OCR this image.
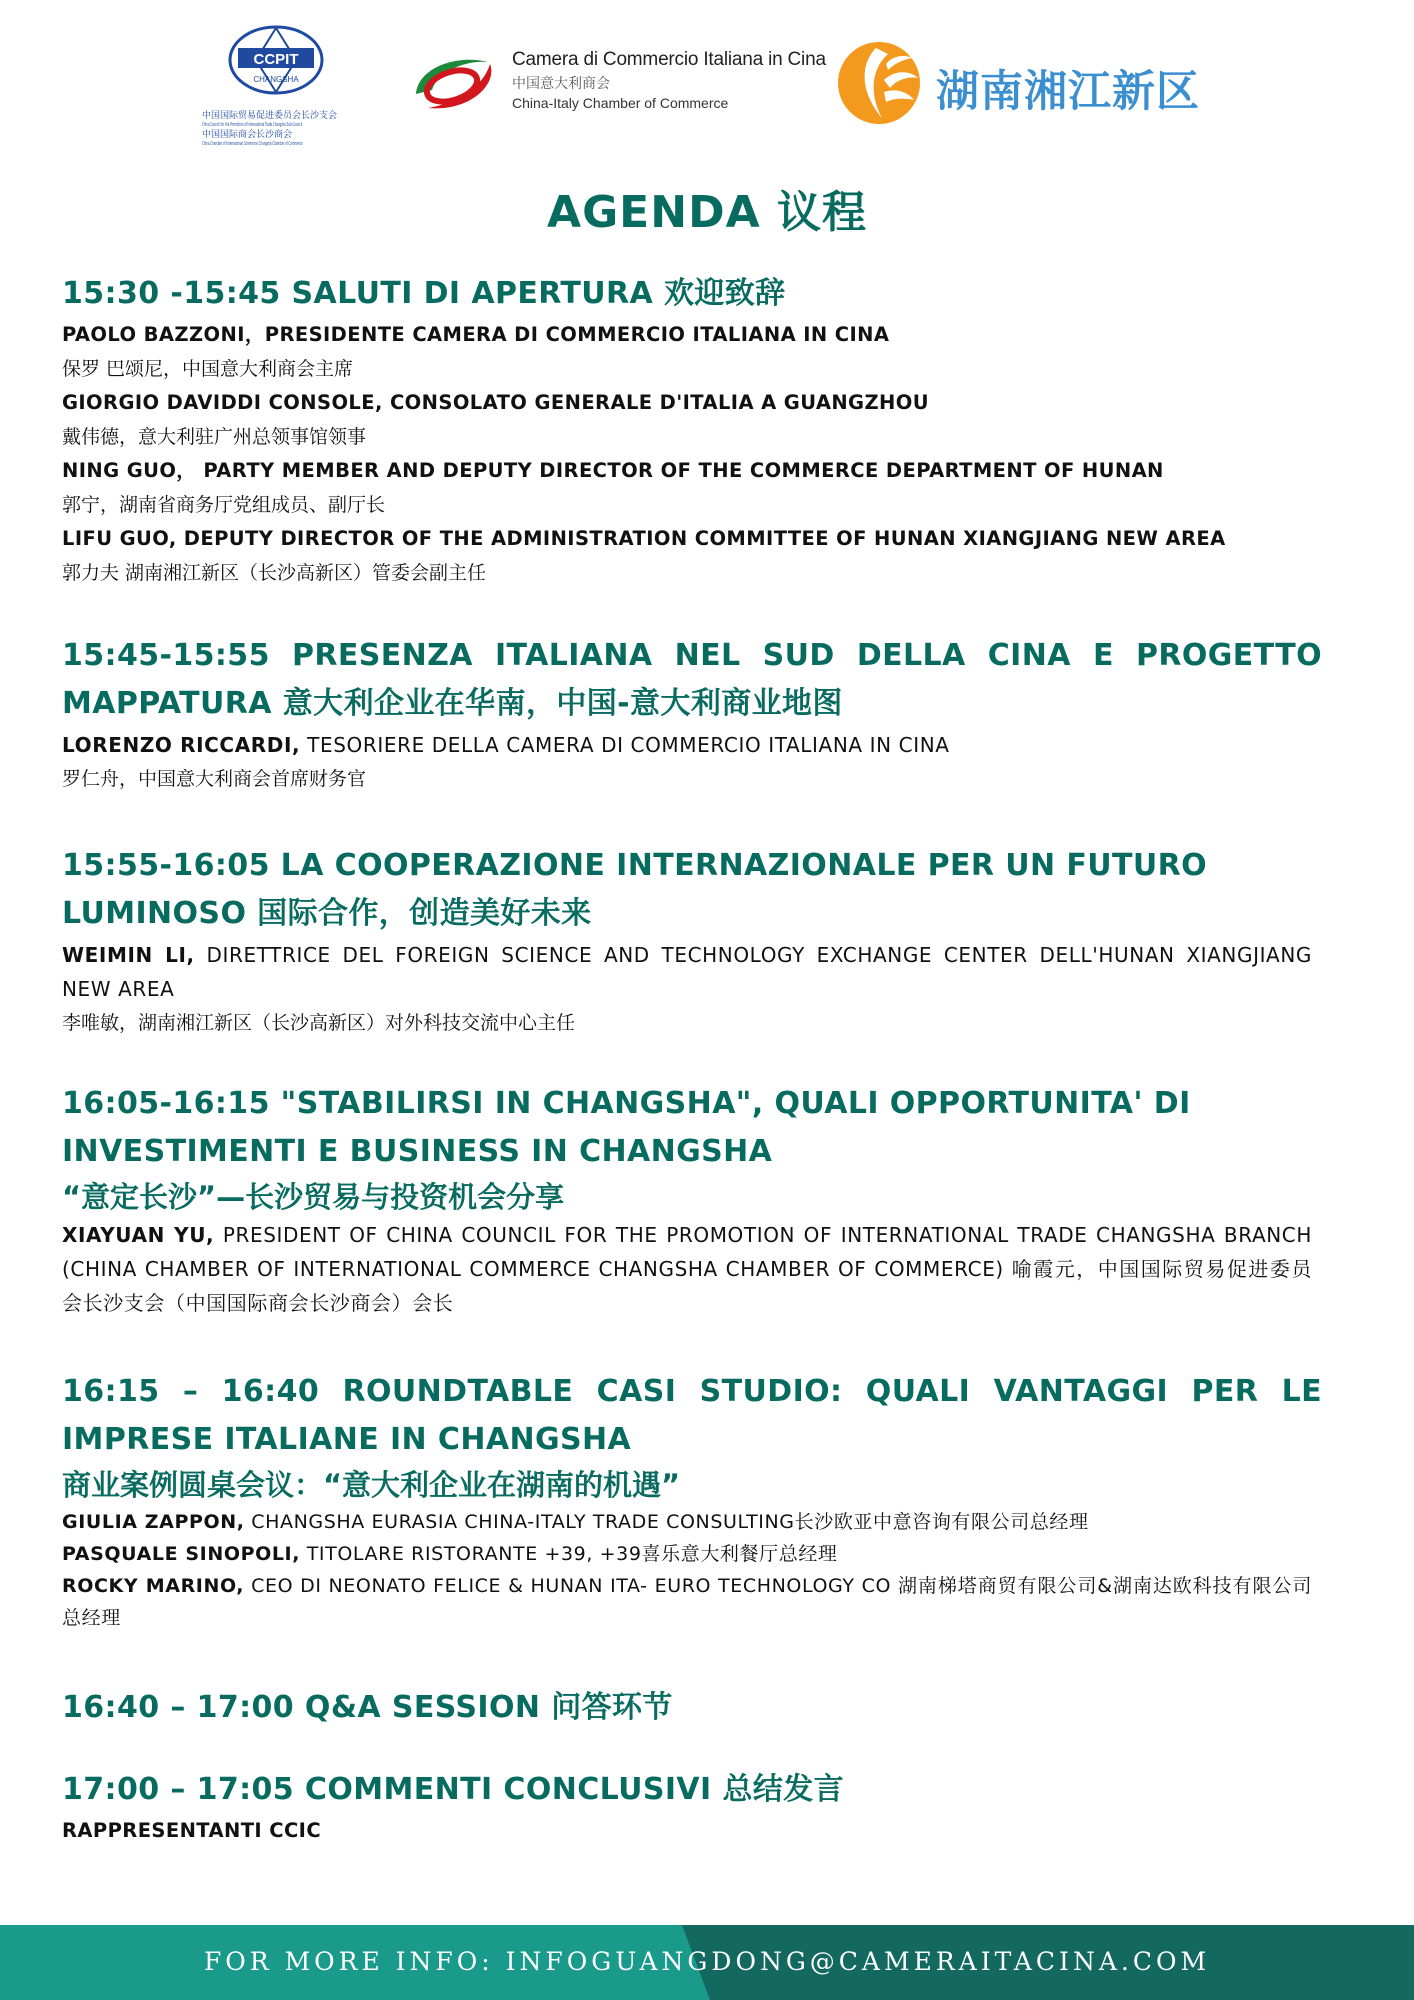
CCPIT
CHANGSHA
中国国际贸易促进委员会长沙支会
China Council for the Promotion of International Trade Changsha Sub-Council
中国国际商会长沙商会
China Chamber of International Commerce Changsha Chamber of Commerce
Camera di Commercio Italiana in Cina
中国意大利商会
China-Italy Chamber of Commerce	湖南湘江新区
AGENDA 议程
15:30 -15:45 SALUTI DI APERTURA 欢迎致辞
PAOLO BAZZONI，PRESIDENTE CAMERA DI COMMERCIO ITALIANA IN CINA
保罗 巴颂尼，中国意大利商会主席
GIORGIO DAVIDDI CONSOLE, CONSOLATO GENERALE D'ITALIA A GUANGZHOU
戴伟德，意大利驻广州总领事馆领事
NING GUO， PARTY MEMBER AND DEPUTY DIRECTOR OF THE COMMERCE DEPARTMENT OF HUNAN
郭宁，湖南省商务厅党组成员、副厅长
LIFU GUO, DEPUTY DIRECTOR OF THE ADMINISTRATION COMMITTEE OF HUNAN XIANGJIANG NEW AREA
郭力夫 湖南湘江新区（长沙高新区）管委会副主任
15:45-15:55 PRESENZA ITALIANA NEL SUD DELLA CINA E PROGETTO MAPPATURA 意大利企业在华南，中国-意大利商业地图
LORENZO RICCARDI, TESORIERE DELLA CAMERA DI COMMERCIO ITALIANA IN CINA
罗仁舟，中国意大利商会首席财务官
15:55-16:05 LA COOPERAZIONE INTERNAZIONALE PER UN FUTURO LUMINOSO 国际合作，创造美好未来
WEIMIN LI, DIRETTRICE DEL FOREIGN SCIENCE AND TECHNOLOGY EXCHANGE CENTER DELL'HUNAN XIANGJIANG NEW AREA
李唯敏，湖南湘江新区（长沙高新区）对外科技交流中心主任
16:05-16:15 "STABILIRSI IN CHANGSHA", QUALI OPPORTUNITA' DI INVESTIMENTI E BUSINESS IN CHANGSHA
“意定长沙”—长沙贸易与投资机会分享
XIAYUAN YU, PRESIDENT OF CHINA COUNCIL FOR THE PROMOTION OF INTERNATIONAL TRADE CHANGSHA BRANCH (CHINA CHAMBER OF INTERNATIONAL COMMERCE CHANGSHA CHAMBER OF COMMERCE) 喻霞元，中国国际贸易促进委员会长沙支会（中国国际商会长沙商会）会长
16:15 – 16:40 ROUNDTABLE CASI STUDIO: QUALI VANTAGGI PER LE IMPRESE ITALIANE IN CHANGSHA
商业案例圆桌会议：“意大利企业在湖南的机遇”
GIULIA ZAPPON, CHANGSHA EURASIA CHINA-ITALY TRADE CONSULTING长沙欧亚中意咨询有限公司总经理
PASQUALE SINOPOLI, TITOLARE RISTORANTE +39, +39喜乐意大利餐厅总经理
ROCKY MARINO, CEO DI NEONATO FELICE & HUNAN ITA- EURO TECHNOLOGY CO 湖南梯塔商贸有限公司&湖南达欧科技有限公司总经理
16:40 – 17:00 Q&A SESSION 问答环节
17:00 – 17:05 COMMENTI CONCLUSIVI 总结发言
RAPPRESENTANTI CCIC
FOR MORE INFO: INFOGUANGDONG@CAMERAITACINA.COM
